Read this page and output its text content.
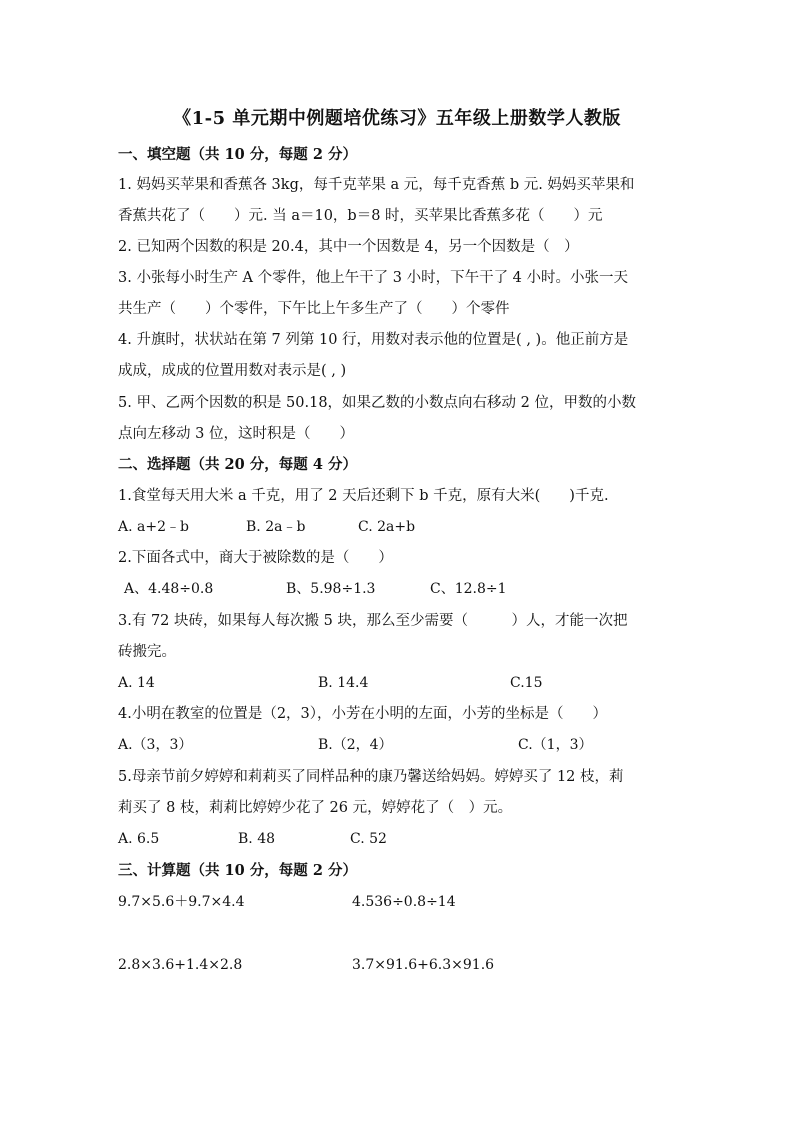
《1-5 单元期中例题培优练习》五年级上册数学人教版
一、填空题（共 10 分，每题 2 分）
1. 妈妈买苹果和香蕉各 3kg，每千克苹果 a 元，每千克香蕉 b 元. 妈妈买苹果和
香蕉共花了（　　）元. 当 a＝10，b＝8 时，买苹果比香蕉多花（　　）元
2. 已知两个因数的积是 20.4，其中一个因数是 4，另一个因数是（　）
3. 小张每小时生产 A 个零件，他上午干了 3 小时，下午干了 4 小时。小张一天
共生产（　　）个零件，下午比上午多生产了（　　）个零件
4. 升旗时，状状站在第 7 列第 10 行，用数对表示他的位置是( , )。他正前方是
成成，成成的位置用数对表示是( , )
5. 甲、乙两个因数的积是 50.18，如果乙数的小数点向右移动 2 位，甲数的小数
点向左移动 3 位，这时积是（　　）
二、选择题（共 20 分，每题 4 分）
1.食堂每天用大米 a 千克，用了 2 天后还剩下 b 千克，原有大米(　　)千克.
A. a+2﹣b	B. 2a﹣b	C. 2a+b
2.下面各式中，商大于被除数的是（　　）
A、4.48÷0.8	B、5.98÷1.3	C、12.8÷1
3.有 72 块砖，如果每人每次搬 5 块，那么至少需要（　　　）人，才能一次把
砖搬完。
A. 14	B. 14.4	C.15
4.小明在教室的位置是（2，3），小芳在小明的左面，小芳的坐标是（　　）
A.（3，3）	B.（2，4）	C.（1，3）
5.母亲节前夕婷婷和莉莉买了同样品种的康乃馨送给妈妈。婷婷买了 12 枝，莉
莉买了 8 枝，莉莉比婷婷少花了 26 元，婷婷花了（　）元。
A. 6.5	B. 48	C. 52
三、计算题（共 10 分，每题 2 分）
9.7×5.6＋9.7×4.4	4.536÷0.8÷14
2.8×3.6+1.4×2.8	3.7×91.6+6.3×91.6
